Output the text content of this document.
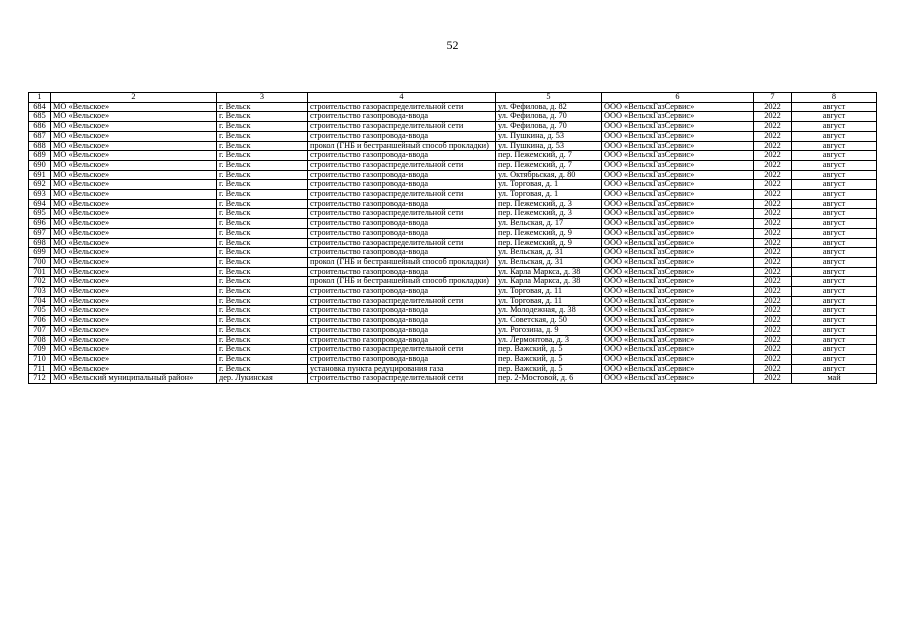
52
1	2	3	4	5	6	7	8
684	МО «Вельское»	г. Вельск	строительство газораспределительной сети	ул. Фефилова, д. 82	ООО «ВельскГазСервис»	2022	август
685	МО «Вельское»	г. Вельск	строительство газопровода-ввода	ул. Фефилова, д. 70	ООО «ВельскГазСервис»	2022	август
686	МО «Вельское»	г. Вельск	строительство газораспределительной сети	ул. Фефилова, д. 70	ООО «ВельскГазСервис»	2022	август
687	МО «Вельское»	г. Вельск	строительство газопровода-ввода	ул. Пушкина, д. 53	ООО «ВельскГазСервис»	2022	август
688	МО «Вельское»	г. Вельск	прокол (ГНБ и бестраншейный способ прокладки)	ул. Пушкина, д. 53	ООО «ВельскГазСервис»	2022	август
689	МО «Вельское»	г. Вельск	строительство газопровода-ввода	пер. Пежемский, д. 7	ООО «ВельскГазСервис»	2022	август
690	МО «Вельское»	г. Вельск	строительство газораспределительной сети	пер. Пежемский, д. 7	ООО «ВельскГазСервис»	2022	август
691	МО «Вельское»	г. Вельск	строительство газопровода-ввода	ул. Октябрьская, д. 80	ООО «ВельскГазСервис»	2022	август
692	МО «Вельское»	г. Вельск	строительство газопровода-ввода	ул. Торговая, д. 1	ООО «ВельскГазСервис»	2022	август
693	МО «Вельское»	г. Вельск	строительство газораспределительной сети	ул. Торговая, д. 1	ООО «ВельскГазСервис»	2022	август
694	МО «Вельское»	г. Вельск	строительство газопровода-ввода	пер. Пежемский, д. 3	ООО «ВельскГазСервис»	2022	август
695	МО «Вельское»	г. Вельск	строительство газораспределительной сети	пер. Пежемский, д. 3	ООО «ВельскГазСервис»	2022	август
696	МО «Вельское»	г. Вельск	строительство газопровода-ввода	ул. Вельская, д. 17	ООО «ВельскГазСервис»	2022	август
697	МО «Вельское»	г. Вельск	строительство газопровода-ввода	пер. Пежемский, д. 9	ООО «ВельскГазСервис»	2022	август
698	МО «Вельское»	г. Вельск	строительство газораспределительной сети	пер. Пежемский, д. 9	ООО «ВельскГазСервис»	2022	август
699	МО «Вельское»	г. Вельск	строительство газопровода-ввода	ул. Вельская, д. 31	ООО «ВельскГазСервис»	2022	август
700	МО «Вельское»	г. Вельск	прокол (ГНБ и бестраншейный способ прокладки)	ул. Вельская, д. 31	ООО «ВельскГазСервис»	2022	август
701	МО «Вельское»	г. Вельск	строительство газопровода-ввода	ул. Карла Маркса, д. 38	ООО «ВельскГазСервис»	2022	август
702	МО «Вельское»	г. Вельск	прокол (ГНБ и бестраншейный способ прокладки)	ул. Карла Маркса, д. 38	ООО «ВельскГазСервис»	2022	август
703	МО «Вельское»	г. Вельск	строительство газопровода-ввода	ул. Торговая, д. 11	ООО «ВельскГазСервис»	2022	август
704	МО «Вельское»	г. Вельск	строительство газораспределительной сети	ул. Торговая, д. 11	ООО «ВельскГазСервис»	2022	август
705	МО «Вельское»	г. Вельск	строительство газопровода-ввода	ул. Молодежная, д. 38	ООО «ВельскГазСервис»	2022	август
706	МО «Вельское»	г. Вельск	строительство газопровода-ввода	ул. Советская, д. 50	ООО «ВельскГазСервис»	2022	август
707	МО «Вельское»	г. Вельск	строительство газопровода-ввода	ул. Рогозина, д. 9	ООО «ВельскГазСервис»	2022	август
708	МО «Вельское»	г. Вельск	строительство газопровода-ввода	ул. Лермонтова, д. 3	ООО «ВельскГазСервис»	2022	август
709	МО «Вельское»	г. Вельск	строительство газораспределительной сети	пер. Важский, д. 5	ООО «ВельскГазСервис»	2022	август
710	МО «Вельское»	г. Вельск	строительство газопровода-ввода	пер. Важский, д. 5	ООО «ВельскГазСервис»	2022	август
711	МО «Вельское»	г. Вельск	установка пункта редуцирования газа	пер. Важский, д. 5	ООО «ВельскГазСервис»	2022	август
712	МО «Вельский муниципальный район»	дер. Лукинская	строительство газораспределительной сети	пер. 2-Мостовой, д. 6	ООО «ВельскГазСервис»	2022	май
